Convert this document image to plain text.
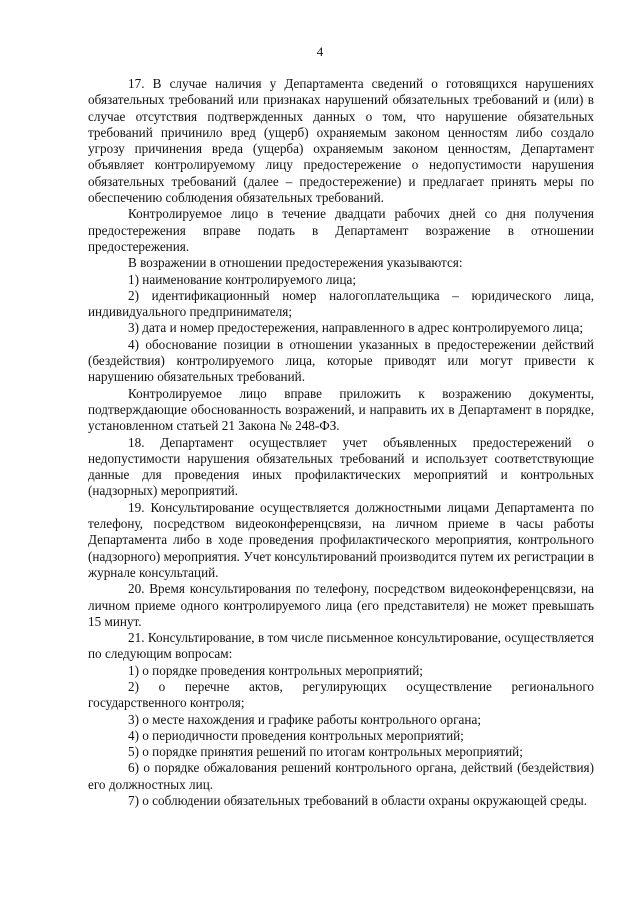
4

17. В случае наличия у Департамента сведений о готовящихся нарушениях обязательных требований или признаках нарушений обязательных требований и (или) в случае отсутствия подтвержденных данных о том, что нарушение обязательных требований причинило вред (ущерб) охраняемым законом ценностям либо создало угрозу причинения вреда (ущерба) охраняемым законом ценностям, Департамент объявляет контролируемому лицу предостережение о недопустимости нарушения обязательных требований (далее – предостережение) и предлагает принять меры по обеспечению соблюдения обязательных требований.

Контролируемое лицо в течение двадцати рабочих дней со дня получения предостережения вправе подать в Департамент возражение в отношении предостережения.

В возражении в отношении предостережения указываются:

1) наименование контролируемого лица;

2) идентификационный номер налогоплательщика – юридического лица, индивидуального предпринимателя;

3) дата и номер предостережения, направленного в адрес контролируемого лица;

4) обоснование позиции в отношении указанных в предостережении действий (бездействия) контролируемого лица, которые приводят или могут привести к нарушению обязательных требований.

Контролируемое лицо вправе приложить к возражению документы, подтверждающие обоснованность возражений, и направить их в Департамент в порядке, установленном статьей 21 Закона № 248-ФЗ.

18. Департамент осуществляет учет объявленных предостережений о недопустимости нарушения обязательных требований и использует соответствующие данные для проведения иных профилактических мероприятий и контрольных (надзорных) мероприятий.

19. Консультирование осуществляется должностными лицами Департамента по телефону, посредством видеоконференцсвязи, на личном приеме в часы работы Департамента либо в ходе проведения профилактического мероприятия, контрольного (надзорного) мероприятия. Учет консультирований производится путем их регистрации в журнале консультаций.

20. Время консультирования по телефону, посредством видеоконференцсвязи, на личном приеме одного контролируемого лица (его представителя) не может превышать 15 минут.

21. Консультирование, в том числе письменное консультирование, осуществляется по следующим вопросам:

1) о порядке проведения контрольных мероприятий;

2) о перечне актов, регулирующих осуществление регионального государственного контроля;

3) о месте нахождения и графике работы контрольного органа;

4) о периодичности проведения контрольных мероприятий;

5) о порядке принятия решений по итогам контрольных мероприятий;

6) о порядке обжалования решений контрольного органа, действий (бездействия) его должностных лиц.

7) о соблюдении обязательных требований в области охраны окружающей среды.
